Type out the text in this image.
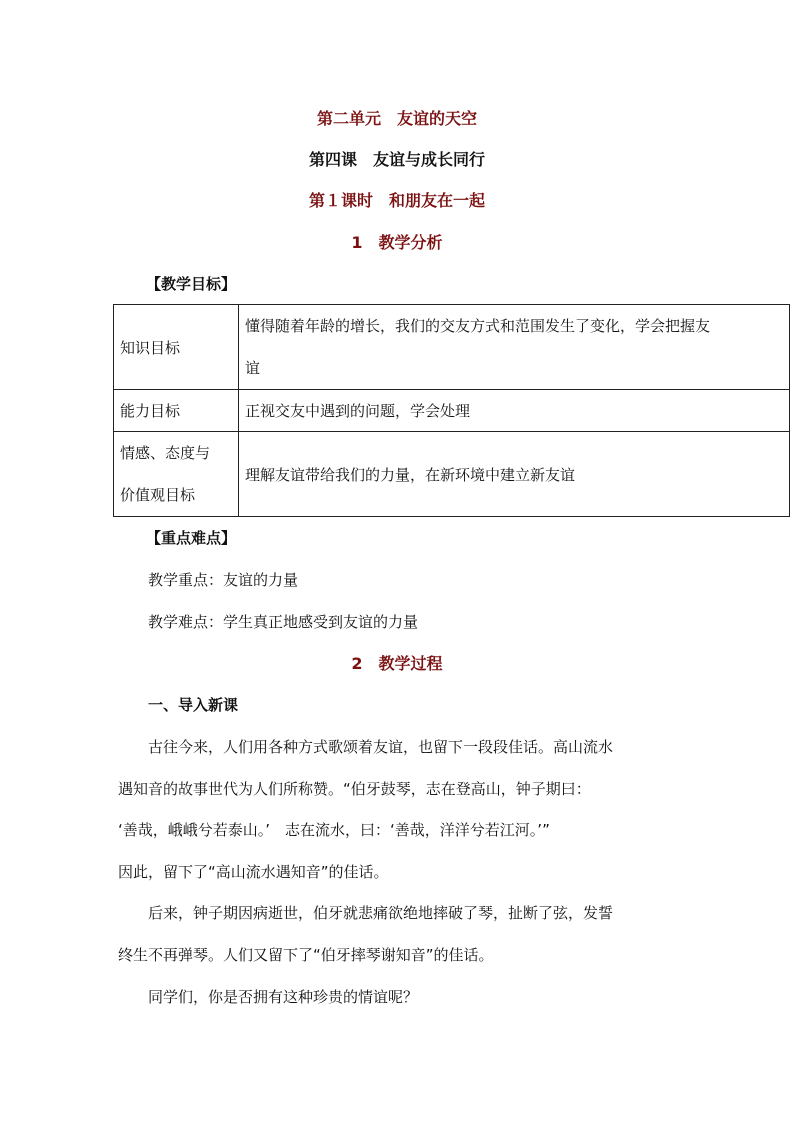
第二单元　友谊的天空
第四课　友谊与成长同行
第１课时　和朋友在一起
1　教学分析
【教学目标】
知识目标	懂得随着年龄的增长，我们的交友方式和范围发生了变化，学会把握友
谊

能力目标	正视交友中遇到的问题，学会处理

情感、态度与
价值观目标	理解友谊带给我们的力量，在新环境中建立新友谊
【重点难点】
教学重点：友谊的力量
教学难点：学生真正地感受到友谊的力量
2　教学过程
一、导入新课
古往今来，人们用各种方式歌颂着友谊，也留下一段段佳话。高山流水
遇知音的故事世代为人们所称赞。“伯牙鼓琴，志在登高山，钟子期曰：
‘善哉，峨峨兮若泰山。’　志在流水，曰：‘善哉，洋洋兮若江河。’”
因此，留下了“高山流水遇知音”的佳话。
后来，钟子期因病逝世，伯牙就悲痛欲绝地摔破了琴，扯断了弦，发誓
终生不再弹琴。人们又留下了“伯牙摔琴谢知音”的佳话。
同学们，你是否拥有这种珍贵的情谊呢？
